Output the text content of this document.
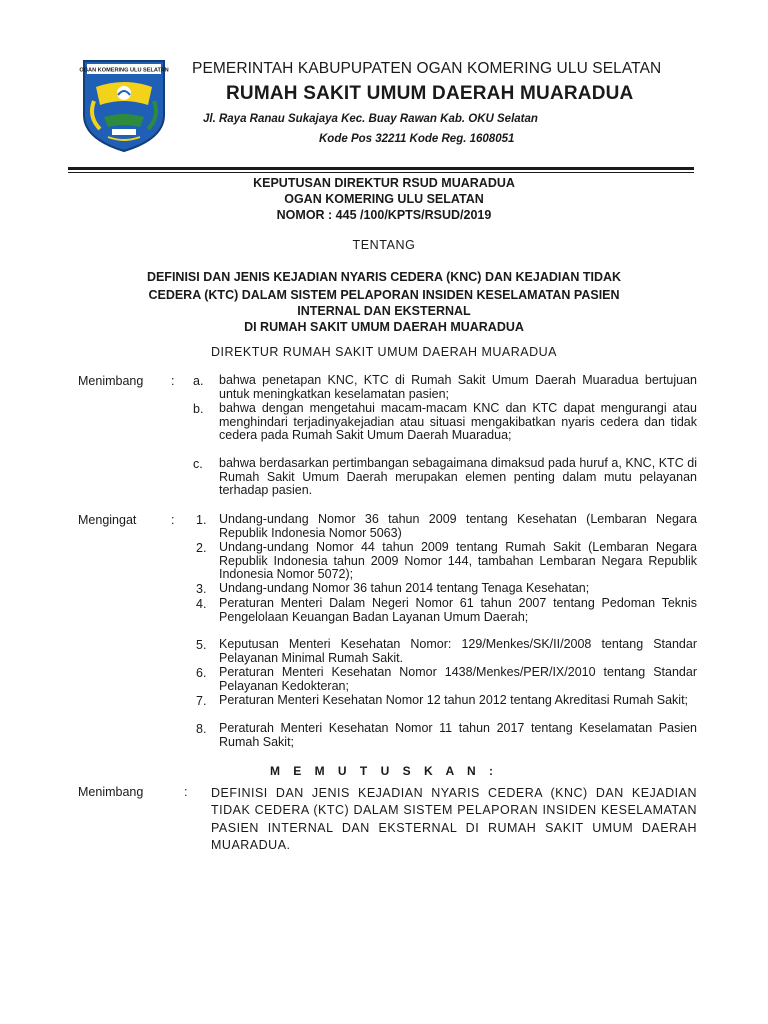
OGAN KOMERING ULU SELATAN PEMERINTAH KABUPUPATEN OGAN KOMERING ULU SELATAN
RUMAH SAKIT UMUM DAERAH MUARADUA
Jl. Raya Ranau Sukajaya Kec. Buay Rawan Kab. OKU Selatan
Kode Pos 32211 Kode Reg. 1608051
KEPUTUSAN DIREKTUR RSUD MUARADUA
OGAN KOMERING ULU SELATAN
NOMOR : 445 /100/KPTS/RSUD/2019
TENTANG
DEFINISI DAN JENIS KEJADIAN NYARIS CEDERA (KNC) DAN KEJADIAN TIDAK
CEDERA (KTC) DALAM SISTEM PELAPORAN INSIDEN KESELAMATAN PASIEN
INTERNAL DAN EKSTERNAL
DI RUMAH SAKIT UMUM DAERAH MUARADUA
DIREKTUR RUMAH SAKIT UMUM DAERAH MUARADUA
Menimbang : a. bahwa penetapan KNC, KTC di Rumah Sakit Umum Daerah Muaradua bertujuan untuk meningkatkan keselamatan pasien;
b. bahwa dengan mengetahui macam-macam KNC dan KTC dapat mengurangi atau menghindari terjadinyakejadian atau situasi mengakibatkan nyaris cedera dan tidak cedera pada Rumah Sakit Umum Daerah Muaradua;
c. bahwa berdasarkan pertimbangan sebagaimana dimaksud pada huruf a, KNC, KTC di Rumah Sakit Umum Daerah merupakan elemen penting dalam mutu pelayanan terhadap pasien.
Mengingat	: 1. Undang-undang Nomor 36 tahun 2009 tentang Kesehatan (Lembaran Negara Republik Indonesia Nomor 5063)
2. Undang-undang Nomor 44 tahun 2009 tentang Rumah Sakit (Lembaran Negara Republik Indonesia tahun 2009 Nomor 144, tambahan Lembaran Negara Republik Indonesia Nomor 5072);
3. Undang-undang Nomor 36 tahun 2014 tentang Tenaga Kesehatan;
4. Peraturan Menteri Dalam Negeri Nomor 61 tahun 2007 tentang Pedoman Teknis Pengelolaan Keuangan Badan Layanan Umum Daerah;
5. Keputusan Menteri Kesehatan Nomor: 129/Menkes/SK/II/2008 tentang Standar Pelayanan Minimal Rumah Sakit.
6. Peraturan Menteri Kesehatan Nomor 1438/Menkes/PER/IX/2010 tentang Standar Pelayanan Kedokteran;
7. Peraturan Menteri Kesehatan Nomor 12 tahun 2012 tentang Akreditasi Rumah Sakit;
8. Peraturah Menteri Kesehatan Nomor 11 tahun 2017 tentang Keselamatan Pasien Rumah Sakit;
M E M U T U S K A N :
Menimbang	: DEFINISI DAN JENIS KEJADIAN NYARIS CEDERA (KNC) DAN KEJADIAN TIDAK CEDERA (KTC) DALAM SISTEM PELAPORAN INSIDEN KESELAMATAN PASIEN INTERNAL DAN EKSTERNAL DI RUMAH SAKIT UMUM DAERAH MUARADUA.
